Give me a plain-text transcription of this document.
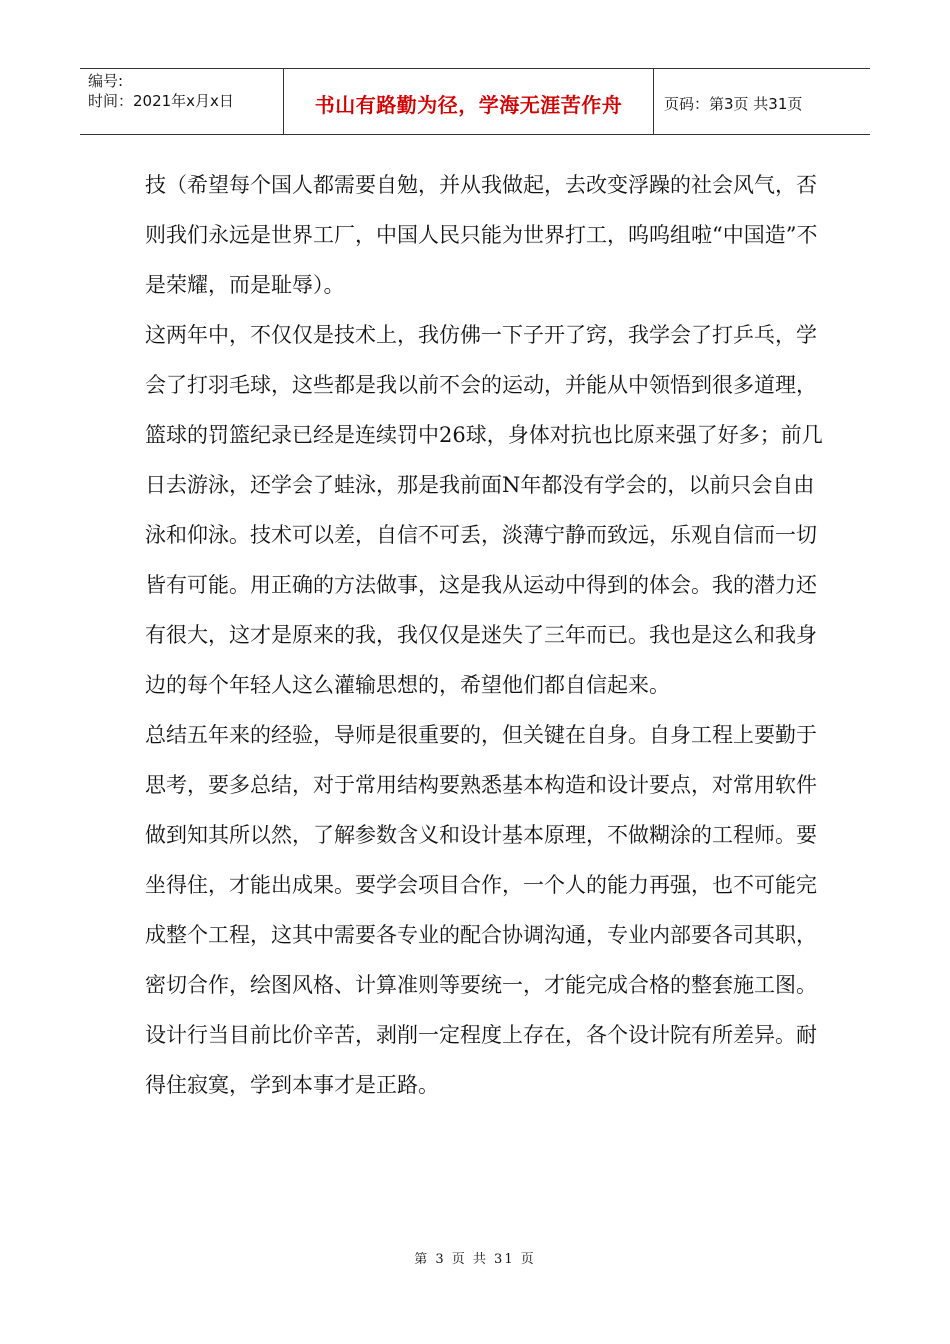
编号:
时间：2021年x月x日	书山有路勤为径，学海无涯苦作舟	页码：第3页 共31页

技（希望每个国人都需要自勉，并从我做起，去改变浮躁的社会风气，否则我们永远是世界工厂，中国人民只能为世界打工，呜呜组啦“中国造”不是荣耀，而是耻辱）。

这两年中，不仅仅是技术上，我仿佛一下子开了窍，我学会了打乒乓，学会了打羽毛球，这些都是我以前不会的运动，并能从中领悟到很多道理，篮球的罚篮纪录已经是连续罚中26球，身体对抗也比原来强了好多；前几日去游泳，还学会了蛙泳，那是我前面N年都没有学会的，以前只会自由泳和仰泳。技术可以差，自信不可丢，淡薄宁静而致远，乐观自信而一切皆有可能。用正确的方法做事，这是我从运动中得到的体会。我的潜力还有很大，这才是原来的我，我仅仅是迷失了三年而已。我也是这么和我身边的每个年轻人这么灌输思想的，希望他们都自信起来。

总结五年来的经验，导师是很重要的，但关键在自身。自身工程上要勤于思考，要多总结，对于常用结构要熟悉基本构造和设计要点，对常用软件做到知其所以然，了解参数含义和设计基本原理，不做糊涂的工程师。要坐得住，才能出成果。要学会项目合作，一个人的能力再强，也不可能完成整个工程，这其中需要各专业的配合协调沟通，专业内部要各司其职，密切合作，绘图风格、计算准则等要统一，才能完成合格的整套施工图。

设计行当目前比价辛苦，剥削一定程度上存在，各个设计院有所差异。耐得住寂寞，学到本事才是正路。

第 3 页 共 31 页
